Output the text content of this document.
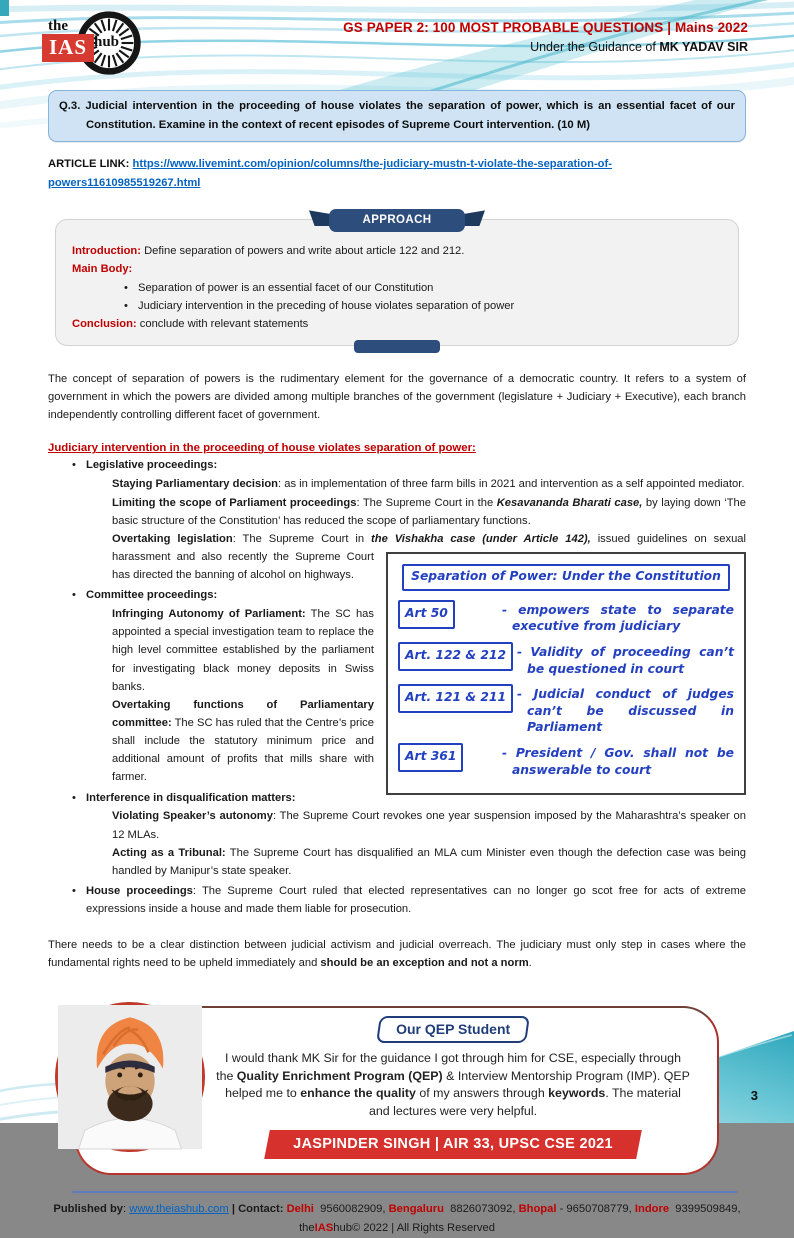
hub
the
IAS
GS PAPER 2: 100 MOST PROBABLE QUESTIONS | Mains 2022
Under the Guidance of MK YADAV SIR
Q.3. Judicial intervention in the proceeding of house violates the separation of power, which is an essential facet of our Constitution. Examine in the context of recent episodes of Supreme Court intervention. (10 M)
ARTICLE LINK: https://www.livemint.com/opinion/columns/the-judiciary-mustn-t-violate-the-separation-of-powers11610985519267.html
APPROACH
Introduction: Define separation of powers and write about article 122 and 212.
Main Body:
• Separation of power is an essential facet of our Constitution
• Judiciary intervention in the preceding of house violates separation of power
Conclusion: conclude with relevant statements
The concept of separation of powers is the rudimentary element for the governance of a democratic country. It refers to a system of government in which the powers are divided among multiple branches of the government (legislature + Judiciary + Executive), each branch independently controlling different facet of government.
Judiciary intervention in the proceeding of house violates separation of power:
• Legislative proceedings:
Staying Parliamentary decision: as in implementation of three farm bills in 2021 and intervention as a self appointed mediator.
Limiting the scope of Parliament proceedings: The Supreme Court in the Kesavananda Bharati case, by laying down ‘The basic structure of the Constitution’ has reduced the scope of parliamentary functions.
Overtaking legislation: The Supreme Court in the Vishakha case (under Article 142), issued guidelines on sexual harassment and
Separation of Power: Under the Constitution
Art 50	- empowers state to separate executive from judiciary
Art. 122 & 212 - Validity of proceeding can’t be questioned in court
Art. 121 & 211 - Judicial conduct of judges can’t be discussed in Parliament
Art 361	- President / Gov. shall not be answerable to court
also recently the Supreme Court has directed the banning of alcohol on highways.
• Committee proceedings:
Infringing Autonomy of Parliament: The SC has appointed a special investigation team to replace the high level committee established by the parliament for investigating black money deposits in Swiss banks.
Overtaking functions of Parliamentary committee: The SC has ruled that the Centre’s price shall include the statutory minimum price and additional amount of profits that mills share with farmer.
• Interference in disqualification matters:
Violating Speaker’s autonomy: The Supreme Court revokes one year suspension imposed by the Maharashtra’s speaker on 12 MLAs.
Acting as a Tribunal: The Supreme Court has disqualified an MLA cum Minister even though the defection case was being handled by Manipur’s state speaker.
• House proceedings: The Supreme Court ruled that elected representatives can no longer go scot free for acts of extreme expressions inside a house and made them liable for prosecution.
There needs to be a clear distinction between judicial activism and judicial overreach. The judiciary must only step in cases where the fundamental rights need to be upheld immediately and should be an exception and not a norm.
Our QEP Student
I would thank MK Sir for the guidance I got through him for CSE, especially through the Quality Enrichment Program (QEP) & Interview Mentorship Program (IMP). QEP helped me to enhance the quality of my answers through keywords. The material and lectures were very helpful.
JASPINDER SINGH | AIR 33, UPSC CSE 2021
Published by: www.theiashub.com | Contact: Delhi  9560082909, Bengaluru  8826073092, Bhopal - 9650708779, Indore  9399509849,
theIAShub© 2022 | All Rights Reserved
3
